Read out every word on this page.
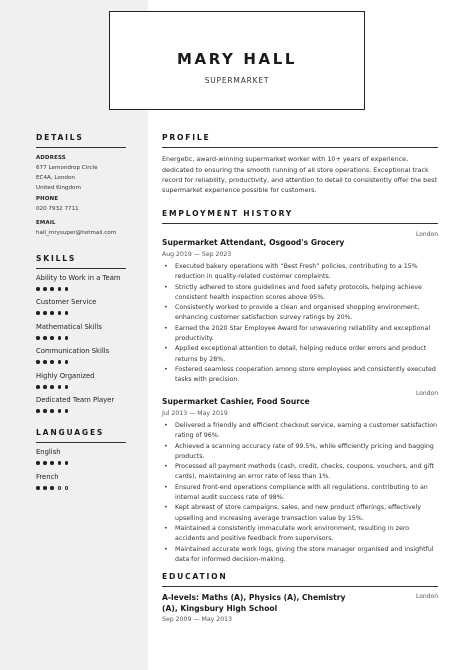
MARY HALL
SUPERMARKET
DETAILS
ADDRESS
677 Lemondrop Circle
EC4A, London
United Kingdom
PHONE
020 7932 7711
EMAIL
hall_mrysuper@hotmail.com
SKILLS
Ability to Work in a Team
Customer Service
Mathematical Skills
Communication Skills
Highly Organized
Dedicated Team Player
LANGUAGES
English
French
PROFILE
Energetic, award-winning supermarket worker with 10+ years of experience, dedicated to ensuring the smooth running of all store operations. Exceptional track record for reliability, productivity, and attention to detail to consistently offer the best supermarket experience possible for customers.
EMPLOYMENT HISTORY
Supermarket Attendant, Osgood's Grocery
London
Aug 2019 — Sep 2023
• Executed bakery operations with “Best Fresh” policies, contributing to a 15% reduction in quality-related customer complaints.
• Strictly adhered to store guidelines and food safety protocols, helping achieve consistent health inspection scores above 95%.
• Consistently worked to provide a clean and organised shopping environment, enhancing customer satisfaction survey ratings by 20%.
• Earned the 2020 Star Employee Award for unwavering reliability and exceptional productivity.
• Applied exceptional attention to detail, helping reduce order errors and product returns by 28%.
• Fostered seamless cooperation among store employees and consistently executed tasks with precision.
Supermarket Cashier, Food Source
London
Jul 2013 — May 2019
• Delivered a friendly and efficient checkout service, earning a customer satisfaction rating of 96%.
• Achieved a scanning accuracy rate of 99.5%, while efficiently pricing and bagging products.
• Processed all payment methods (cash, credit, checks, coupons, vouchers, and gift cards), maintaining an error rate of less than 1%.
• Ensured front-end operations compliance with all regulations, contributing to an internal audit success rate of 98%.
• Kept abreast of store campaigns, sales, and new product offerings, effectively upselling and increasing average transaction value by 15%.
• Maintained a consistently immaculate work environment, resulting in zero accidents and positive feedback from supervisors.
• Maintained accurate work logs, giving the store manager organised and insightful data for informed decision-making.
EDUCATION
A-levels: Maths (A), Physics (A), Chemistry (A), Kingsbury High School
London
Sep 2009 — May 2013
